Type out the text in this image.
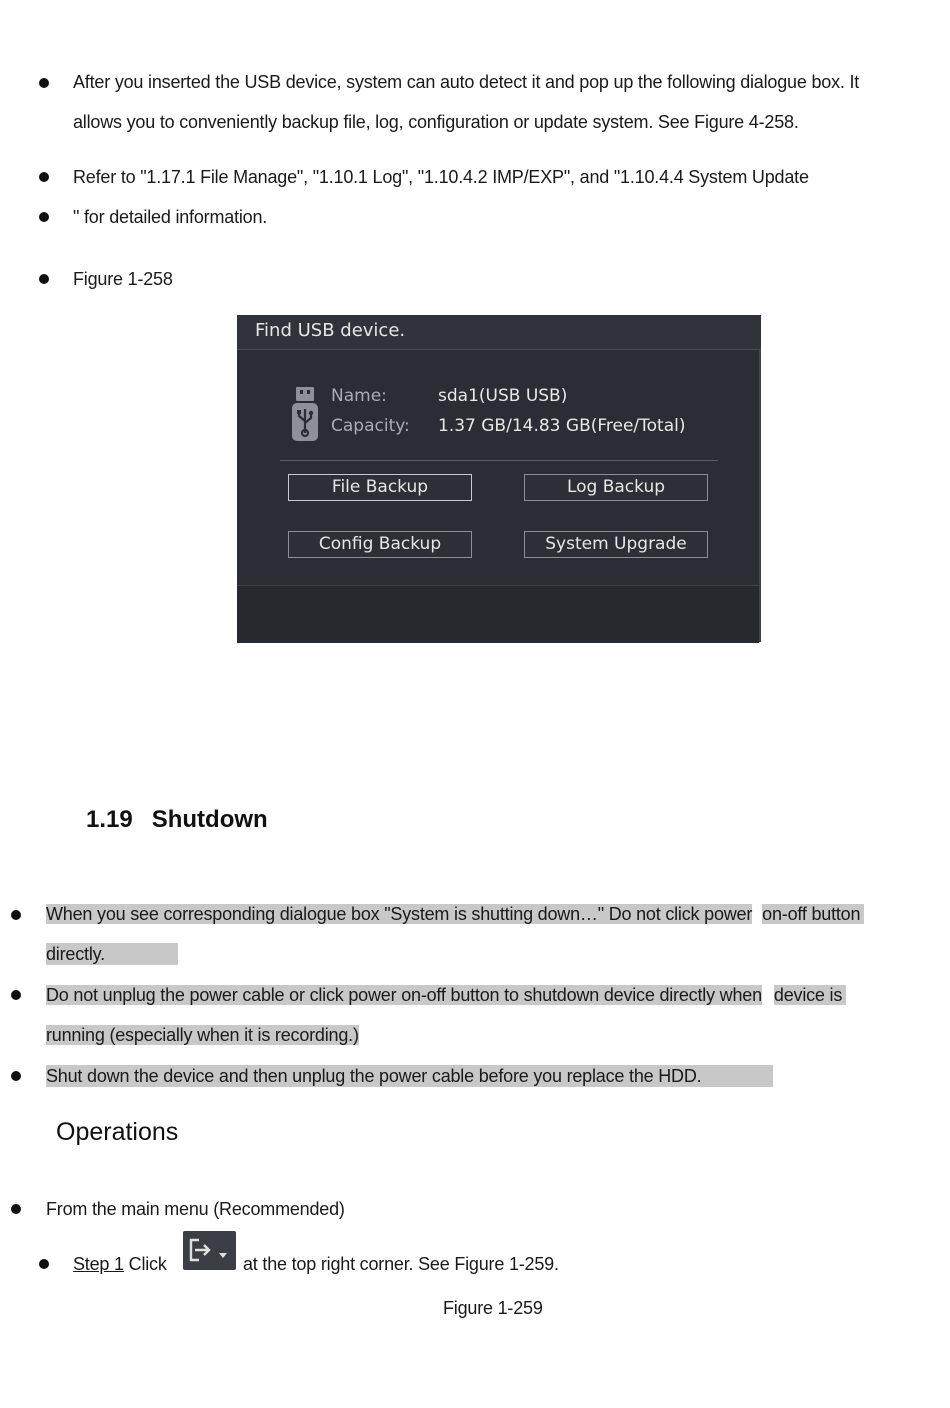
After you inserted the USB device, system can auto detect it and pop up the following dialogue box. It
allows you to conveniently backup file, log, configuration or update system. See Figure 4-258.
Refer to "1.17.1 File Manage", "1.10.1 Log", "1.10.4.2 IMP/EXP", and "1.10.4.4 System Update
" for detailed information.
Figure 1-258
Find USB device.
Name:	sda1(USB USB)
Capacity: 1.37 GB/14.83 GB(Free/Total)
File Backup	Log Backup
Config Backup	System Upgrade
1.19 Shutdown
When you see corresponding dialogue box "System is shutting down…" Do not click power on-off button
directly.
Do not unplug the power cable or click power on-off button to shutdown device directly when device is
running (especially when it is recording.)
Shut down the device and then unplug the power cable before you replace the HDD.
Operations
From the main menu (Recommended)
Step 1 Click	at the top right corner. See Figure 1-259.
Figure 1-259
